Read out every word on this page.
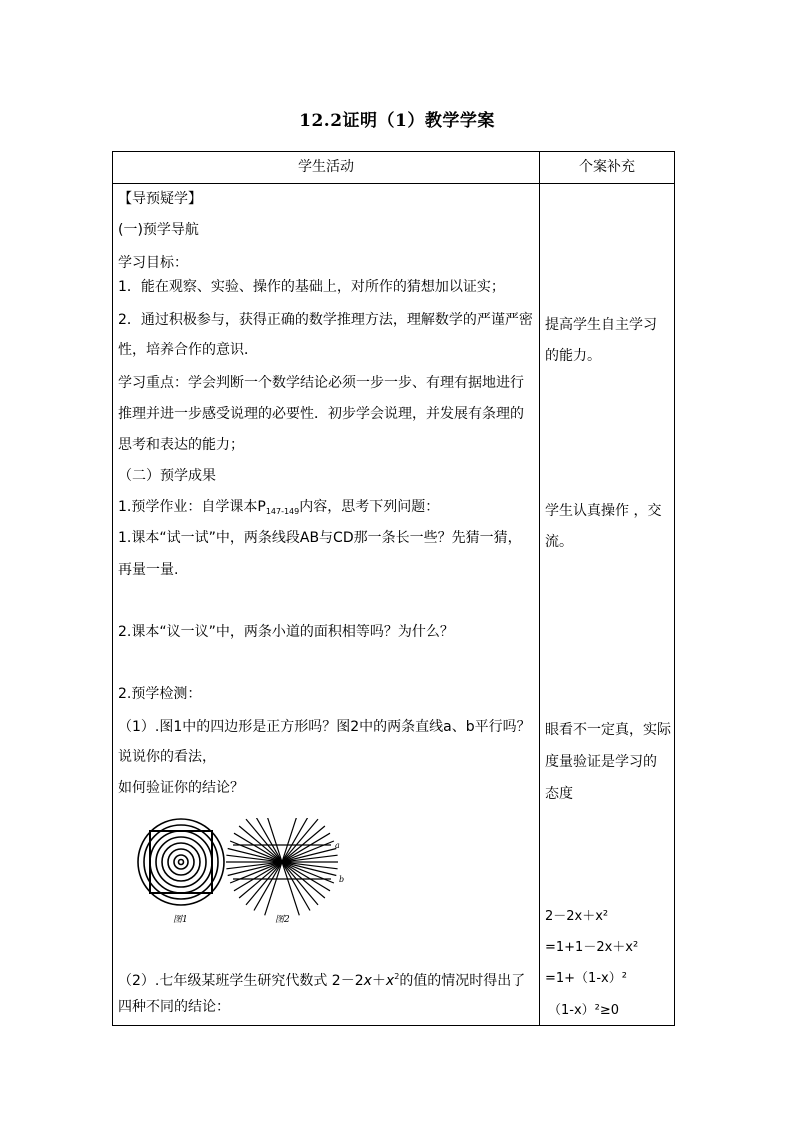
12.2证明（1）教学学案
学生活动	个案补充
【导预疑学】
(一)预学导航
学习目标：
1．能在观察、实验、操作的基础上，对所作的猜想加以证实；
2．通过积极参与，获得正确的数学推理方法，理解数学的严谨严密
性，培养合作的意识．
学习重点：学会判断一个数学结论必须一步一步、有理有据地进行
推理并进一步感受说理的必要性．初步学会说理，并发展有条理的
思考和表达的能力；
（二）预学成果
1.预学作业：自学课本$P_{147-149}$内容，思考下列问题：
1.课本“试一试”中，两条线段AB与CD那一条长一些？先猜一猜，
再量一量.
2.课本“议一议”中，两条小道的面积相等吗？为什么？
2.预学检测：
（1）.图1中的四边形是正方形吗？图2中的两条直线a、b平行吗？
说说你的看法，
如何验证你的结论？
a
b
图1	图2
（2）.七年级某班学生研究代数式 $2-2x+x^2$的值的情况时得出了
四种不同的结论：
提高学生自主学习
的能力。
学生认真操作 ，交
流。
眼看不一定真，实际
度量验证是学习的
态度
2－2x＋x²
=1+1－2x＋x²
=1+（1-x）²
（1-x）²≥0
